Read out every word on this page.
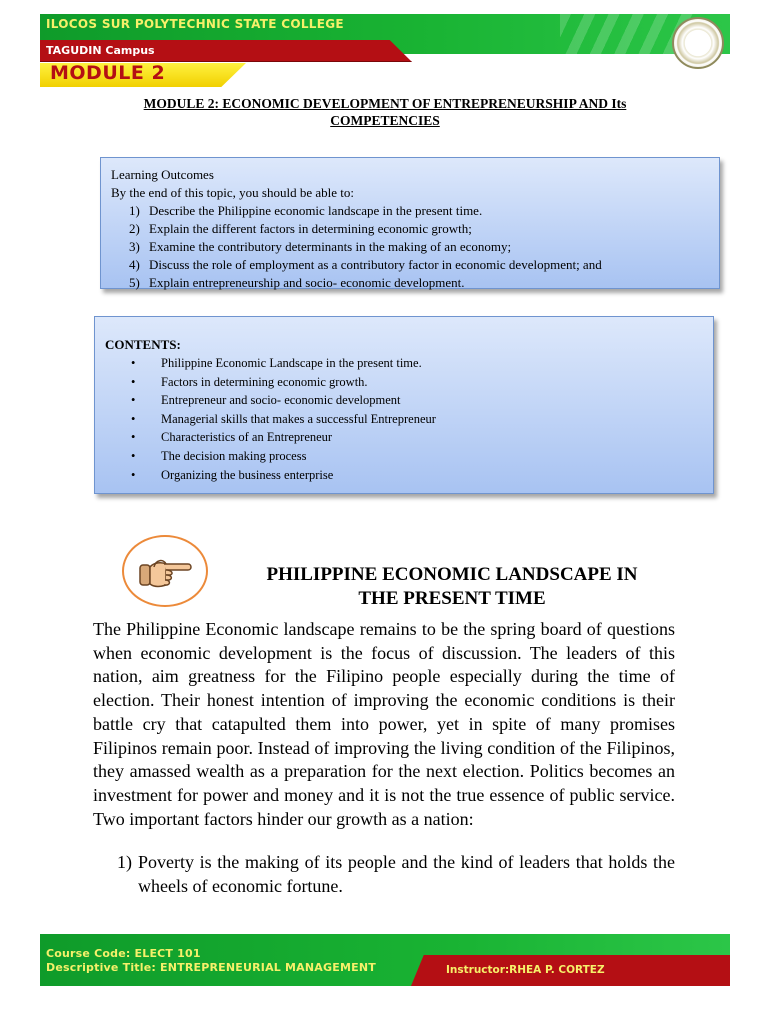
ILOCOS SUR POLYTECHNIC STATE COLLEGE
TAGUDIN Campus
MODULE 2
MODULE 2: ECONOMIC DEVELOPMENT OF ENTREPRENEURSHIP AND Its
COMPETENCIES
Learning Outcomes
By the end of this topic, you should be able to:
1) Describe the Philippine economic landscape in the present time.
2) Explain the different factors in determining economic growth;
3) Examine the contributory determinants in the making of an economy;
4) Discuss the role of employment as a contributory factor in economic development; and
5) Explain entrepreneurship and socio- economic development.
CONTENTS:
• Philippine Economic Landscape in the present time.
• Factors in determining economic growth.
• Entrepreneur and socio- economic development
• Managerial skills that makes a successful Entrepreneur
• Characteristics of an Entrepreneur
• The decision making process
• Organizing the business enterprise
PHILIPPINE ECONOMIC LANDSCAPE IN
THE PRESENT TIME

The Philippine Economic landscape remains to be the spring board of questions when economic development is the focus of discussion. The leaders of this nation, aim greatness for the Filipino people especially during the time of election. Their honest intention of improving the economic conditions is their battle cry that catapulted them into power, yet in spite of many promises Filipinos remain poor. Instead of improving the living condition of the Filipinos, they amassed wealth as a preparation for the next election. Politics becomes an investment for power and money and it is not the true essence of public service. Two important factors hinder our growth as a nation:

1) Poverty is the making of its people and the kind of leaders that holds the wheels of economic fortune.
Course Code: ELECT 101
Descriptive Title: ENTREPRENEURIAL MANAGEMENT	Instructor:RHEA P. CORTEZ
